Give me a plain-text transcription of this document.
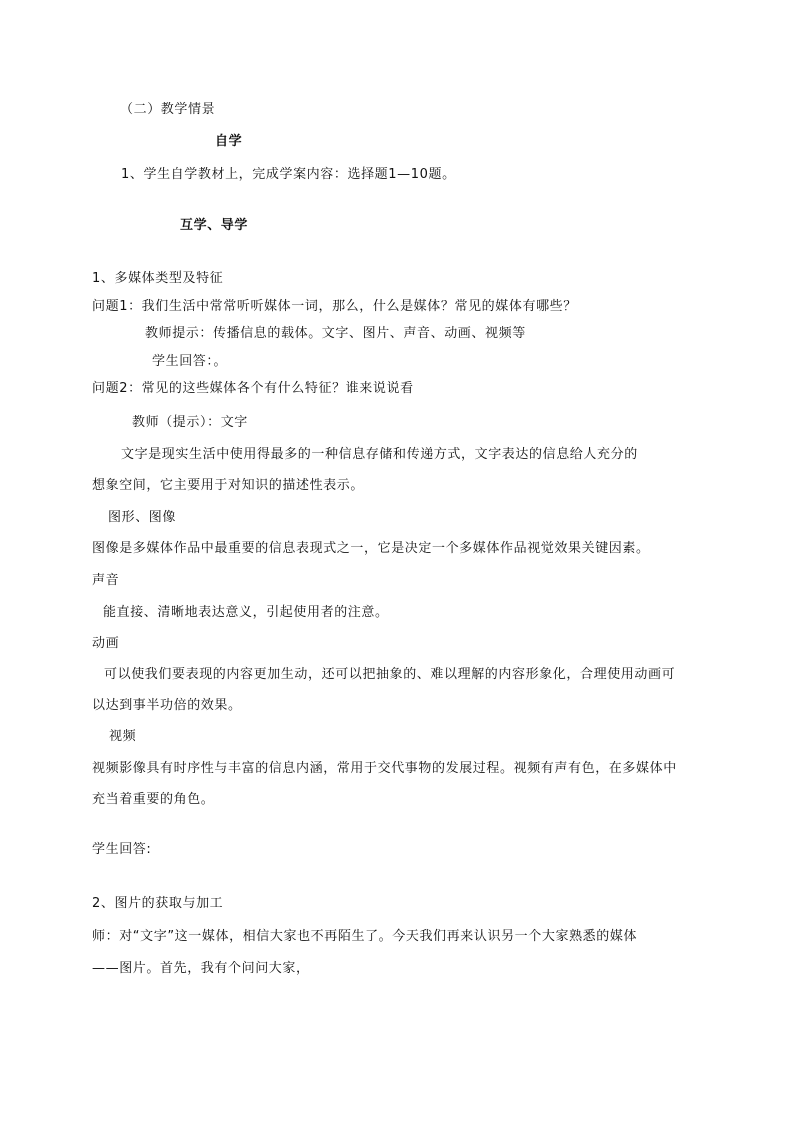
（二）教学情景
自学
1、学生自学教材上，完成学案内容：选择题1—10题。
互学、导学
1、多媒体类型及特征
问题1：我们生活中常常听听媒体一词，那么，什么是媒体？常见的媒体有哪些？
教师提示：传播信息的载体。文字、图片、声音、动画、视频等
学生回答：。
问题2：常见的这些媒体各个有什么特征？谁来说说看
教师（提示）：文字
文字是现实生活中使用得最多的一种信息存储和传递方式，文字表达的信息给人充分的
想象空间，它主要用于对知识的描述性表示。
图形、图像
图像是多媒体作品中最重要的信息表现式之一，它是决定一个多媒体作品视觉效果关键因素。
声音
能直接、清晰地表达意义，引起使用者的注意。
动画
可以使我们要表现的内容更加生动，还可以把抽象的、难以理解的内容形象化，合理使用动画可
以达到事半功倍的效果。
视频
视频影像具有时序性与丰富的信息内涵，常用于交代事物的发展过程。视频有声有色，在多媒体中
充当着重要的角色。
学生回答:
2、图片的获取与加工
师：对“文字”这一媒体，相信大家也不再陌生了。今天我们再来认识另一个大家熟悉的媒体
——图片。首先，我有个问问大家，
